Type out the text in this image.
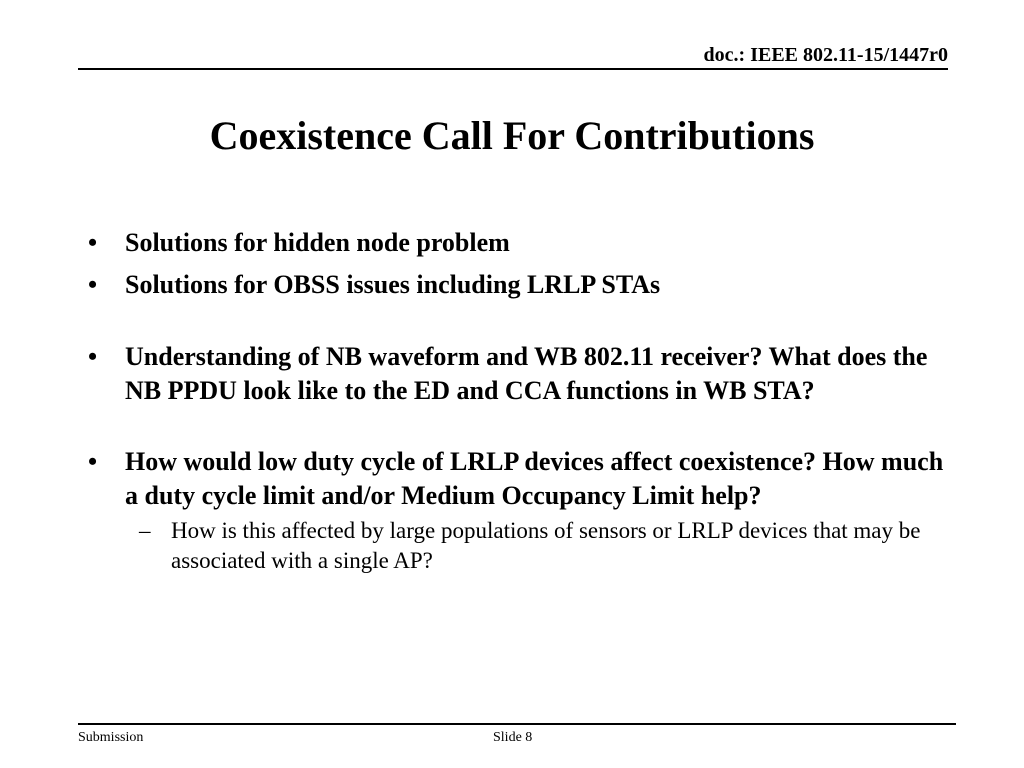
doc.: IEEE 802.11-15/1447r0
Coexistence Call For Contributions
• Solutions for hidden node problem
• Solutions for OBSS issues including LRLP STAs
• Understanding of NB waveform and WB 802.11 receiver? What does the NB PPDU look like to the ED and CCA functions in WB STA?
• How would low duty cycle of LRLP devices affect coexistence? How much a duty cycle limit and/or Medium Occupancy Limit help?
– How is this affected by large populations of sensors or LRLP devices that may be associated with a single AP?
Submission	Slide 8
